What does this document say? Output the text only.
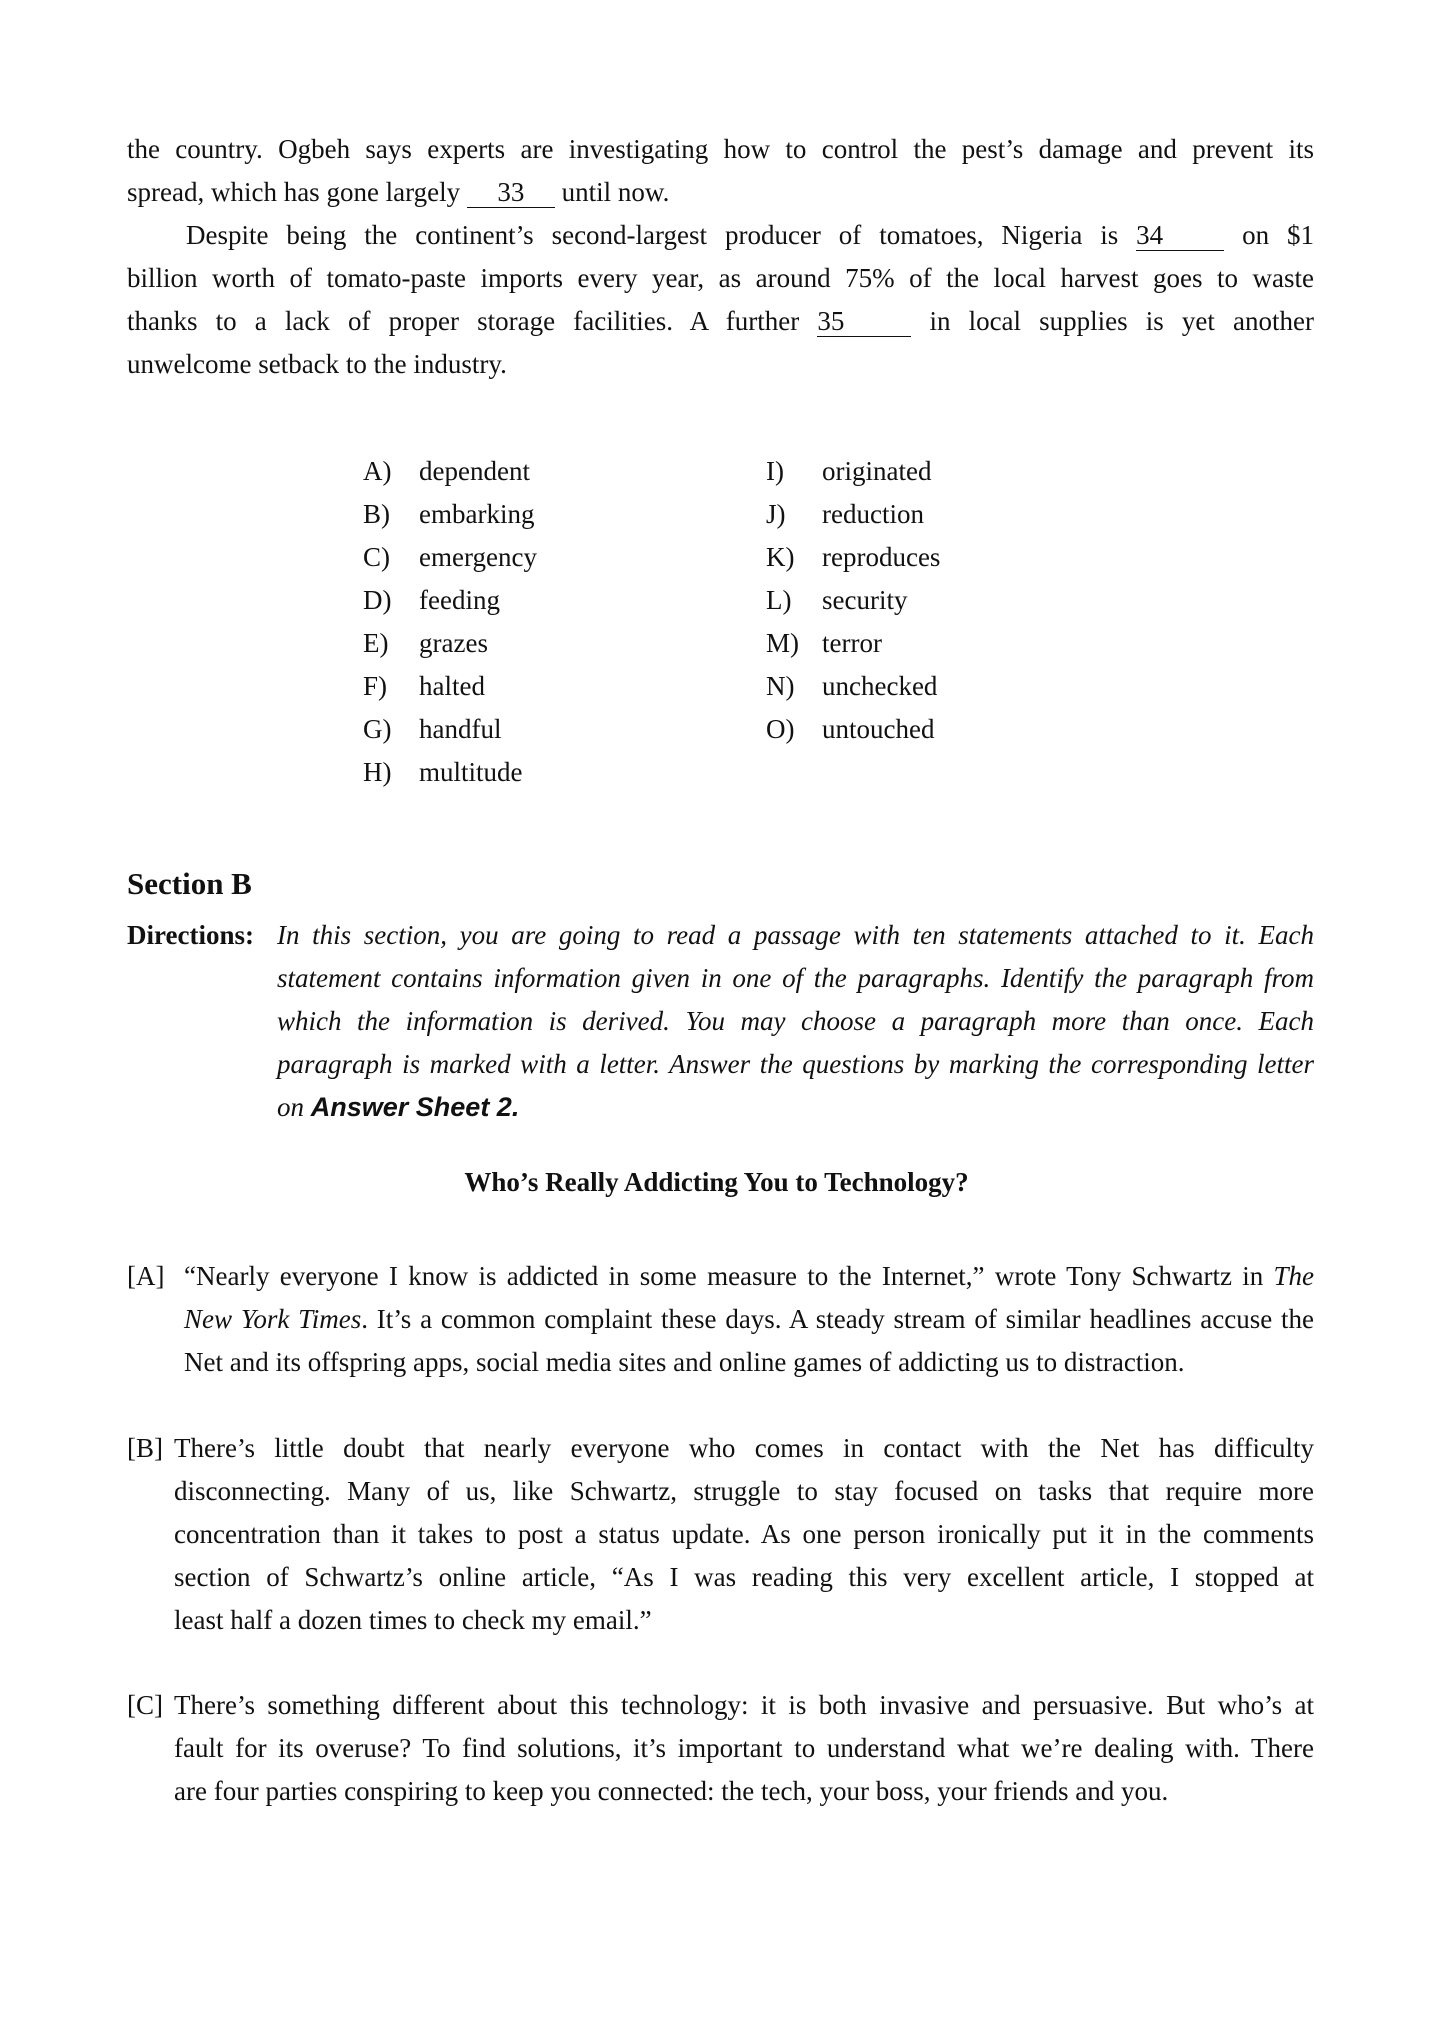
the country. Ogbeh says experts are investigating how to control the pest’s damage and prevent its
spread, which has gone largely 33 until now.
Despite being the continent’s second-largest producer of tomatoes, Nigeria is 34	on $1
billion worth of tomato-paste imports every year, as around 75% of the local harvest goes to waste
thanks to a lack of proper storage facilities. A further 35	in local supplies is yet another
unwelcome setback to the industry.
A) dependent
B) embarking
C) emergency
D) feeding
E) grazes
F) halted
G) handful
H) multitude
I) originated
J) reduction
K) reproduces
L) security
M) terror
N) unchecked
O) untouched
Section B
Directions: In this section, you are going to read a passage with ten statements attached to it. Each
statement contains information given in one of the paragraphs. Identify the paragraph from
which the information is derived. You may choose a paragraph more than once. Each
paragraph is marked with a letter. Answer the questions by marking the corresponding letter
on Answer Sheet 2.
Who’s Really Addicting You to Technology?
[A] “Nearly everyone I know is addicted in some measure to the Internet,” wrote Tony Schwartz in The
New York Times. It’s a common complaint these days. A steady stream of similar headlines accuse the
Net and its offspring apps, social media sites and online games of addicting us to distraction.
[B] There’s little doubt that nearly everyone who comes in contact with the Net has difficulty
disconnecting. Many of us, like Schwartz, struggle to stay focused on tasks that require more
concentration than it takes to post a status update. As one person ironically put it in the comments
section of Schwartz’s online article, “As I was reading this very excellent article, I stopped at
least half a dozen times to check my email.”
[C] There’s something different about this technology: it is both invasive and persuasive. But who’s at
fault for its overuse? To find solutions, it’s important to understand what we’re dealing with. There
are four parties conspiring to keep you connected: the tech, your boss, your friends and you.
